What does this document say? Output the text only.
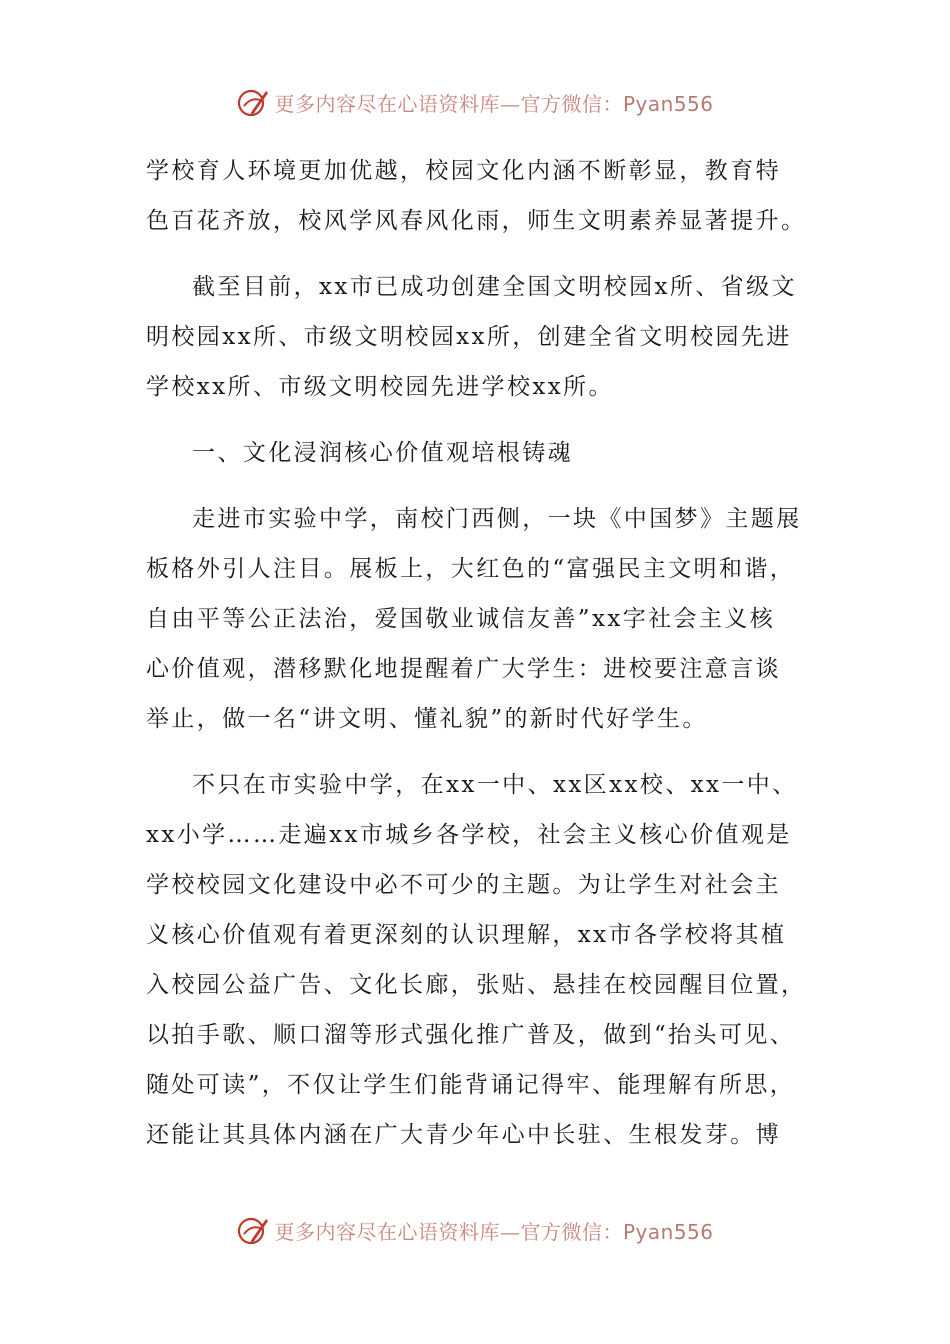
更多内容尽在心语资料库—官方微信：Pyan556
学校育人环境更加优越，校园文化内涵不断彰显，教育特
色百花齐放，校风学风春风化雨，师生文明素养显著提升。
截至目前，xx市已成功创建全国文明校园x所、省级文
明校园xx所、市级文明校园xx所，创建全省文明校园先进
学校xx所、市级文明校园先进学校xx所。
一、文化浸润核心价值观培根铸魂
走进市实验中学，南校门西侧，一块《中国梦》主题展
板格外引人注目。展板上，大红色的“富强民主文明和谐，
自由平等公正法治，爱国敬业诚信友善”xx字社会主义核
心价值观，潜移默化地提醒着广大学生：进校要注意言谈
举止，做一名“讲文明、懂礼貌”的新时代好学生。
不只在市实验中学，在xx一中、xx区xx校、xx一中、
xx小学……走遍xx市城乡各学校，社会主义核心价值观是
学校校园文化建设中必不可少的主题。为让学生对社会主
义核心价值观有着更深刻的认识理解，xx市各学校将其植
入校园公益广告、文化长廊，张贴、悬挂在校园醒目位置，
以拍手歌、顺口溜等形式强化推广普及，做到“抬头可见、
随处可读”，不仅让学生们能背诵记得牢、能理解有所思，
还能让其具体内涵在广大青少年心中长驻、生根发芽。博
更多内容尽在心语资料库—官方微信：Pyan556
